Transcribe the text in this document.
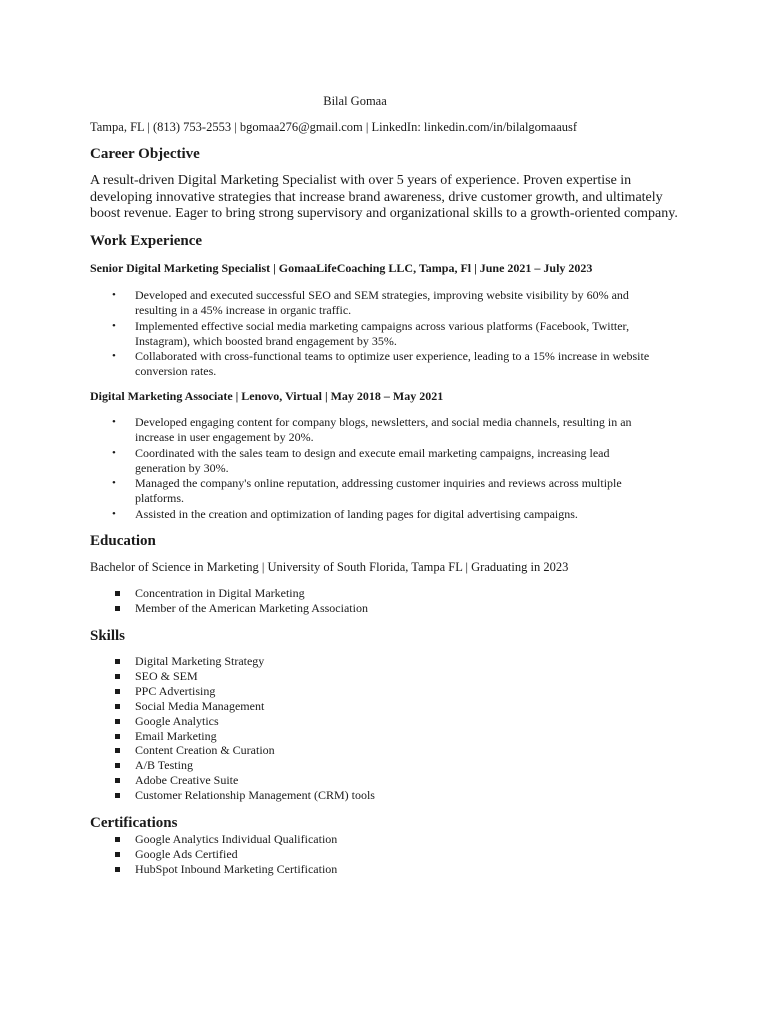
Bilal Gomaa
Tampa, FL | (813) 753-2553 | bgomaa276@gmail.com | LinkedIn: linkedin.com/in/bilalgomaausf
Career Objective
A result-driven Digital Marketing Specialist with over 5 years of experience. Proven expertise in developing innovative strategies that increase brand awareness, drive customer growth, and ultimately boost revenue. Eager to bring strong supervisory and organizational skills to a growth-oriented company.
Work Experience
Senior Digital Marketing Specialist | GomaaLifeCoaching LLC, Tampa, Fl | June 2021 – July 2023
• Developed and executed successful SEO and SEM strategies, improving website visibility by 60% and resulting in a 45% increase in organic traffic.
• Implemented effective social media marketing campaigns across various platforms (Facebook, Twitter, Instagram), which boosted brand engagement by 35%.
• Collaborated with cross-functional teams to optimize user experience, leading to a 15% increase in website conversion rates.
Digital Marketing Associate | Lenovo, Virtual | May 2018 – May 2021
• Developed engaging content for company blogs, newsletters, and social media channels, resulting in an increase in user engagement by 20%.
• Coordinated with the sales team to design and execute email marketing campaigns, increasing lead generation by 30%.
• Managed the company's online reputation, addressing customer inquiries and reviews across multiple platforms.
• Assisted in the creation and optimization of landing pages for digital advertising campaigns.
Education
Bachelor of Science in Marketing | University of South Florida, Tampa FL | Graduating in 2023
Concentration in Digital Marketing
Member of the American Marketing Association
Skills
Digital Marketing Strategy
SEO & SEM
PPC Advertising
Social Media Management
Google Analytics
Email Marketing
Content Creation & Curation
A/B Testing
Adobe Creative Suite
Customer Relationship Management (CRM) tools
Certifications
Google Analytics Individual Qualification
Google Ads Certified
HubSpot Inbound Marketing Certification
